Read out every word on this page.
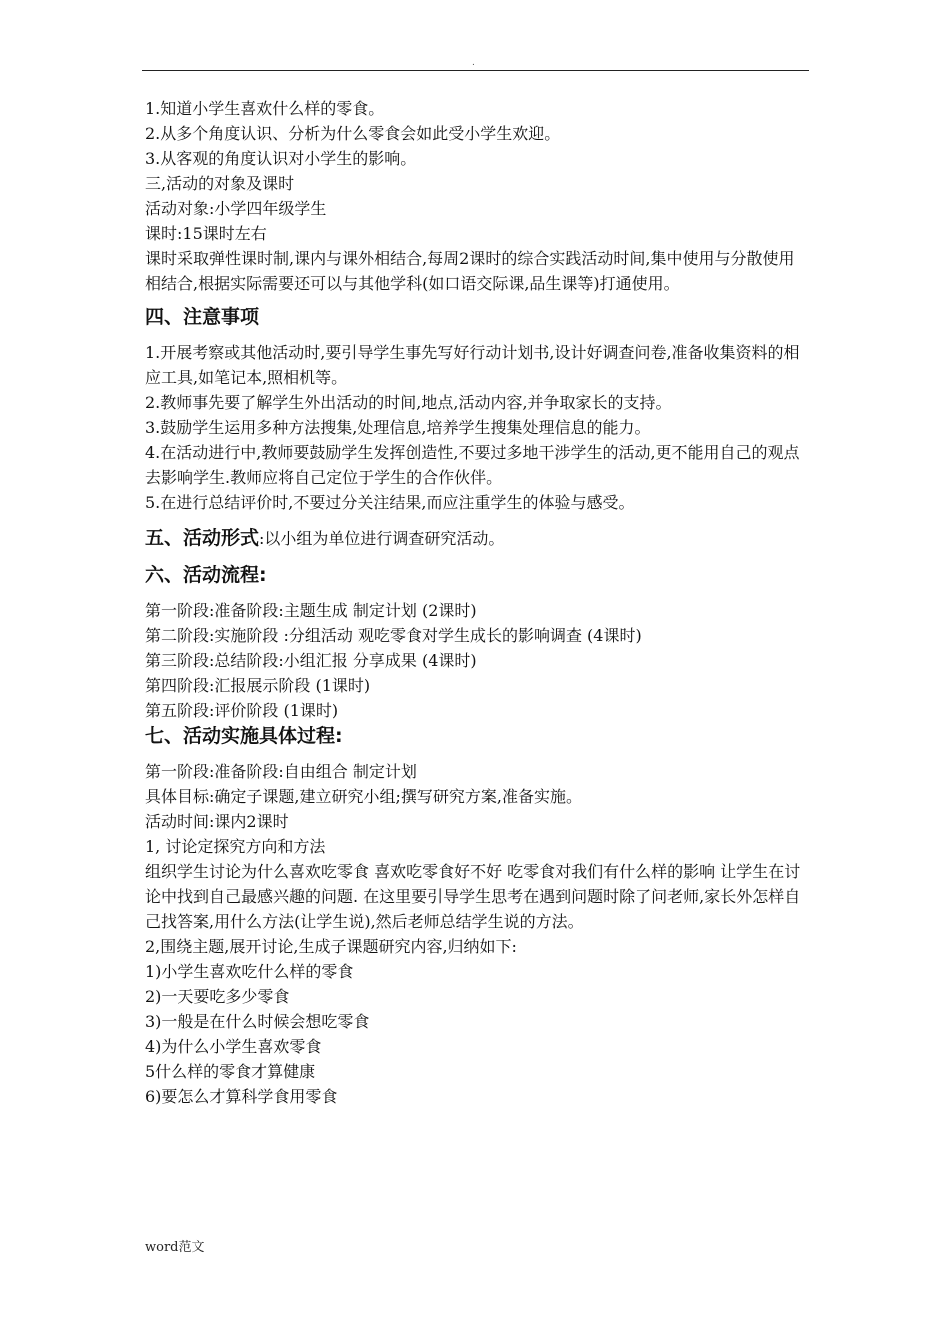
.

1.知道小学生喜欢什么样的零食。

2.从多个角度认识、分析为什么零食会如此受小学生欢迎。

3.从客观的角度认识对小学生的影响。

三,活动的对象及课时

活动对象:小学四年级学生

课时:15课时左右

课时采取弹性课时制,课内与课外相结合,每周2课时的综合实践活动时间,集中使用与分散使用相结合,根据实际需要还可以与其他学科(如口语交际课,品生课等)打通使用。

四、注意事项

1.开展考察或其他活动时,要引导学生事先写好行动计划书,设计好调查问卷,准备收集资料的相应工具,如笔记本,照相机等。

2.教师事先要了解学生外出活动的时间,地点,活动内容,并争取家长的支持。

3.鼓励学生运用多种方法搜集,处理信息,培养学生搜集处理信息的能力。

4.在活动进行中,教师要鼓励学生发挥创造性,不要过多地干涉学生的活动,更不能用自己的观点去影响学生.教师应将自己定位于学生的合作伙伴。

5.在进行总结评价时,不要过分关注结果,而应注重学生的体验与感受。

五、活动形式:以小组为单位进行调查研究活动。

六、活动流程:

第一阶段:准备阶段:主题生成 制定计划 (2课时)

第二阶段:实施阶段 :分组活动 观吃零食对学生成长的影响调查 (4课时)

第三阶段:总结阶段:小组汇报 分享成果 (4课时)

第四阶段:汇报展示阶段 (1课时)

第五阶段:评价阶段 (1课时)

七、活动实施具体过程:

第一阶段:准备阶段:自由组合 制定计划

具体目标:确定子课题,建立研究小组;撰写研究方案,准备实施。

活动时间:课内2课时

1, 讨论定探究方向和方法

组织学生讨论为什么喜欢吃零食 喜欢吃零食好不好 吃零食对我们有什么样的影响 让学生在讨论中找到自己最感兴趣的问题. 在这里要引导学生思考在遇到问题时除了问老师,家长外怎样自己找答案,用什么方法(让学生说),然后老师总结学生说的方法。

2,围绕主题,展开讨论,生成子课题研究内容,归纳如下:

1)小学生喜欢吃什么样的零食

2)一天要吃多少零食

3)一般是在什么时候会想吃零食

4)为什么小学生喜欢零食

5什么样的零食才算健康

6)要怎么才算科学食用零食

word范文
